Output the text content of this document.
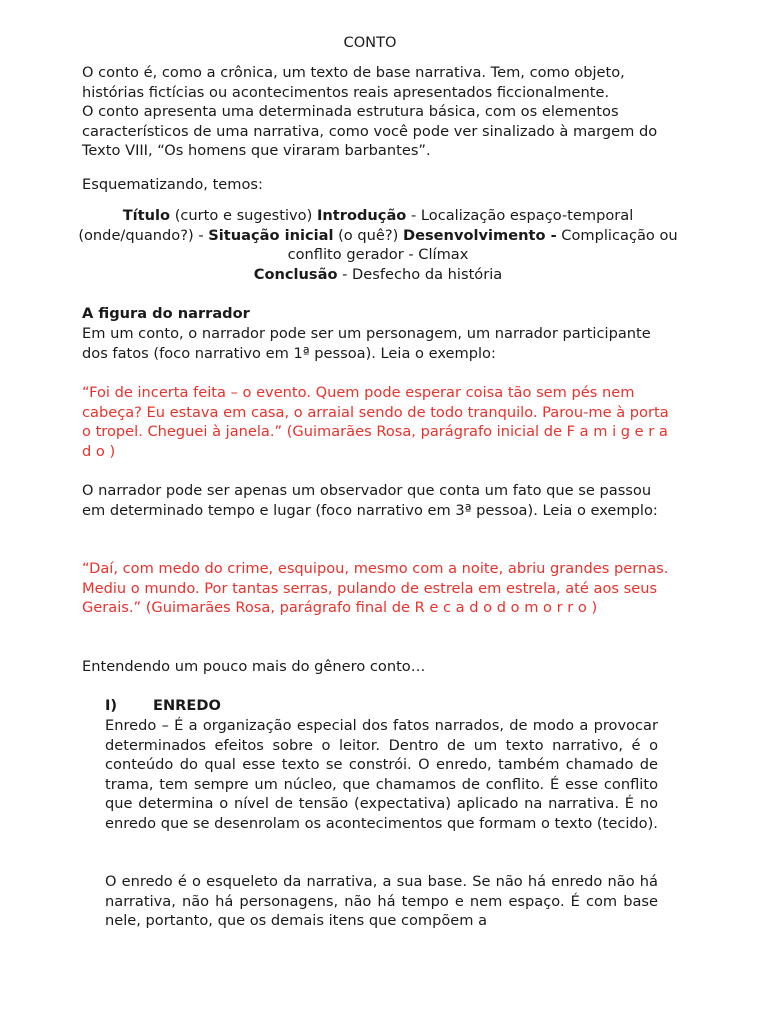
CONTO

O conto é, como a crônica, um texto de base narrativa. Tem, como objeto, histórias fictícias ou acontecimentos reais apresentados ficcionalmente.

O conto apresenta uma determinada estrutura básica, com os elementos característicos de uma narrativa, como você pode ver sinalizado à margem do Texto VIII, “Os homens que viraram barbantes”.

Esquematizando, temos:
Título (curto e sugestivo) Introdução - Localização espaço-temporal (onde/quando?) - Situação inicial (o quê?) Desenvolvimento - Complicação ou conflito gerador - Clímax
Conclusão - Desfecho da história
A figura do narrador
Em um conto, o narrador pode ser um personagem, um narrador participante dos fatos (foco narrativo em 1ª pessoa). Leia o exemplo:
“Foi de incerta feita – o evento. Quem pode esperar coisa tão sem pés nem cabeça? Eu estava em casa, o arraial sendo de todo tranquilo. Parou-me à porta o tropel. Cheguei à janela.” (Guimarães Rosa, parágrafo inicial de F a m i g e r a d o )
O narrador pode ser apenas um observador que conta um fato que se passou em determinado tempo e lugar (foco narrativo em 3ª pessoa). Leia o exemplo:
“Daí, com medo do crime, esquipou, mesmo com a noite, abriu grandes pernas. Mediu o mundo. Por tantas serras, pulando de estrela em estrela, até aos seus Gerais.” (Guimarães Rosa, parágrafo final de R e c a d o d o m o r r o )
Entendendo um pouco mais do gênero conto…
I) ENREDO
Enredo – É a organização especial dos fatos narrados, de modo a provocar determinados efeitos sobre o leitor. Dentro de um texto narrativo, é o conteúdo do qual esse texto se constrói. O enredo, também chamado de trama, tem sempre um núcleo, que chamamos de conflito. É esse conflito que determina o nível de tensão (expectativa) aplicado na narrativa. É no enredo que se desenrolam os acontecimentos que formam o texto (tecido).
O enredo é o esqueleto da narrativa, a sua base. Se não há enredo não há narrativa, não há personagens, não há tempo e nem espaço. É com base nele, portanto, que os demais itens que compõem a
